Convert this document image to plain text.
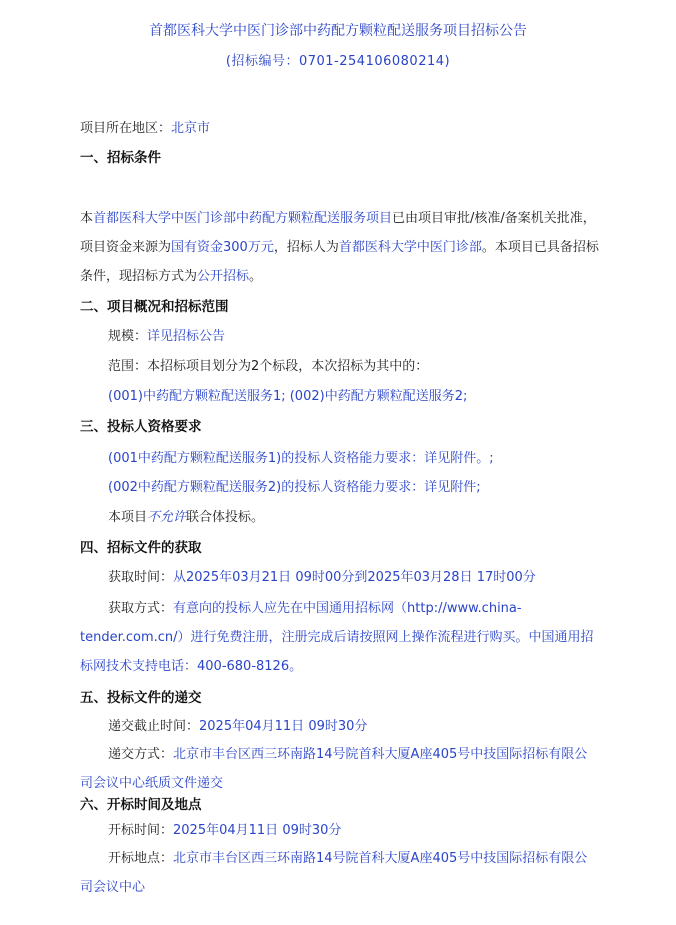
首都医科大学中医门诊部中药配方颗粒配送服务项目招标公告
(招标编号：0701-254106080214)
项目所在地区：北京市
一、招标条件
本首都医科大学中医门诊部中药配方颗粒配送服务项目已由项目审批/核准/备案机关批准，项目资金来源为国有资金300万元，招标人为首都医科大学中医门诊部。本项目已具备招标条件，现招标方式为公开招标。
二、项目概况和招标范围
规模：详见招标公告
范围：本招标项目划分为2个标段，本次招标为其中的：
(001)中药配方颗粒配送服务1; (002)中药配方颗粒配送服务2;
三、投标人资格要求
(001中药配方颗粒配送服务1)的投标人资格能力要求：详见附件。;
(002中药配方颗粒配送服务2)的投标人资格能力要求：详见附件;
本项目不允许联合体投标。
四、招标文件的获取
获取时间：从2025年03月21日 09时00分到2025年03月28日 17时00分
获取方式：有意向的投标人应先在中国通用招标网（http://www.china-tender.com.cn/）进行免费注册，注册完成后请按照网上操作流程进行购买。中国通用招标网技术支持电话：400-680-8126。
五、投标文件的递交
递交截止时间：2025年04月11日 09时30分
递交方式：北京市丰台区西三环南路14号院首科大厦A座405号中技国际招标有限公司会议中心纸质文件递交
六、开标时间及地点
开标时间：2025年04月11日 09时30分
开标地点：北京市丰台区西三环南路14号院首科大厦A座405号中技国际招标有限公司会议中心
